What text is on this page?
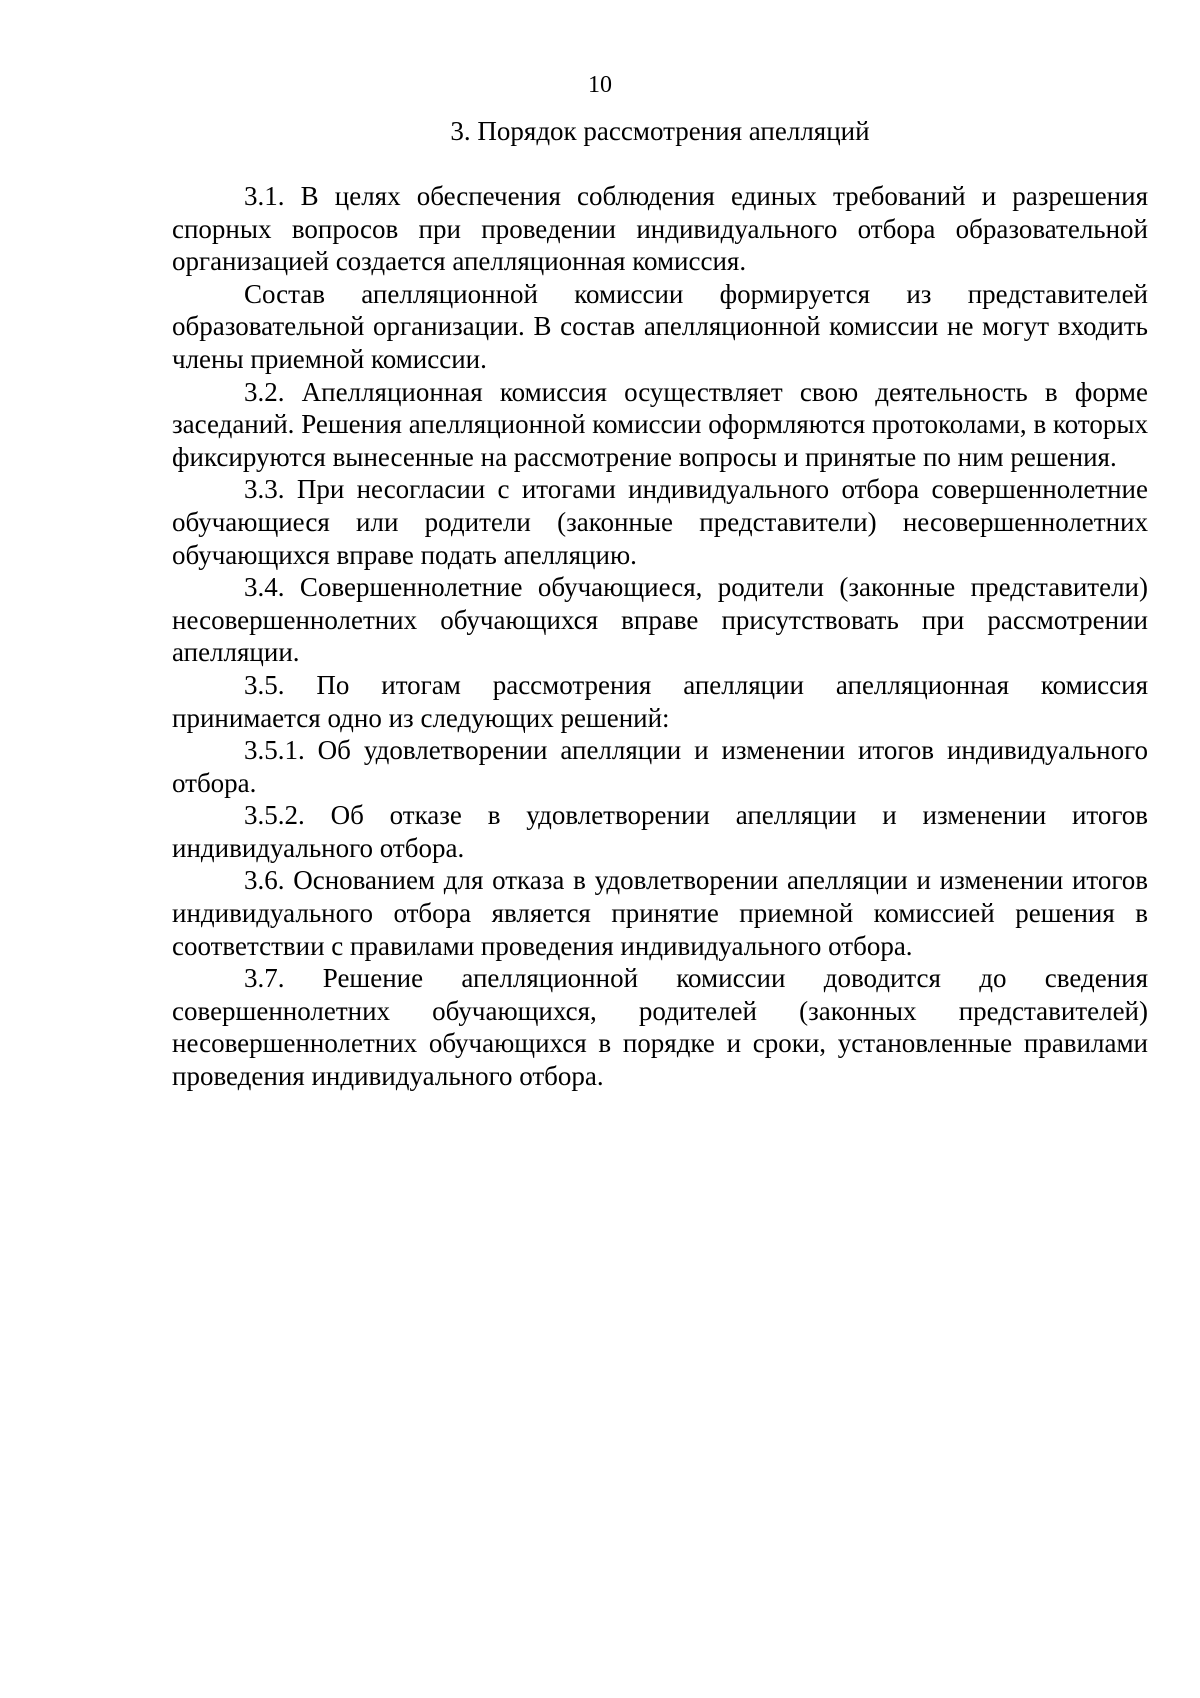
10
3. Порядок рассмотрения апелляций

3.1. В целях обеспечения соблюдения единых требований и разрешения спорных вопросов при проведении индивидуального отбора образовательной организацией создается апелляционная комиссия.

Состав апелляционной комиссии формируется из представителей образовательной организации. В состав апелляционной комиссии не могут входить члены приемной комиссии.

3.2. Апелляционная комиссия осуществляет свою деятельность в форме заседаний. Решения апелляционной комиссии оформляются протоколами, в которых фиксируются вынесенные на рассмотрение вопросы и принятые по ним решения.

3.3. При несогласии с итогами индивидуального отбора совершеннолетние обучающиеся или родители (законные представители) несовершеннолетних обучающихся вправе подать апелляцию.

3.4. Совершеннолетние обучающиеся, родители (законные представители) несовершеннолетних обучающихся вправе присутствовать при рассмотрении апелляции.

3.5. По итогам рассмотрения апелляции апелляционная комиссия принимается одно из следующих решений:

3.5.1. Об удовлетворении апелляции и изменении итогов индивидуального отбора.

3.5.2. Об отказе в удовлетворении апелляции и изменении итогов индивидуального отбора.

3.6. Основанием для отказа в удовлетворении апелляции и изменении итогов индивидуального отбора является принятие приемной комиссией решения в соответствии с правилами проведения индивидуального отбора.

3.7. Решение апелляционной комиссии доводится до сведения совершеннолетних обучающихся, родителей (законных представителей) несовершеннолетних обучающихся в порядке и сроки, установленные правилами проведения индивидуального отбора.
